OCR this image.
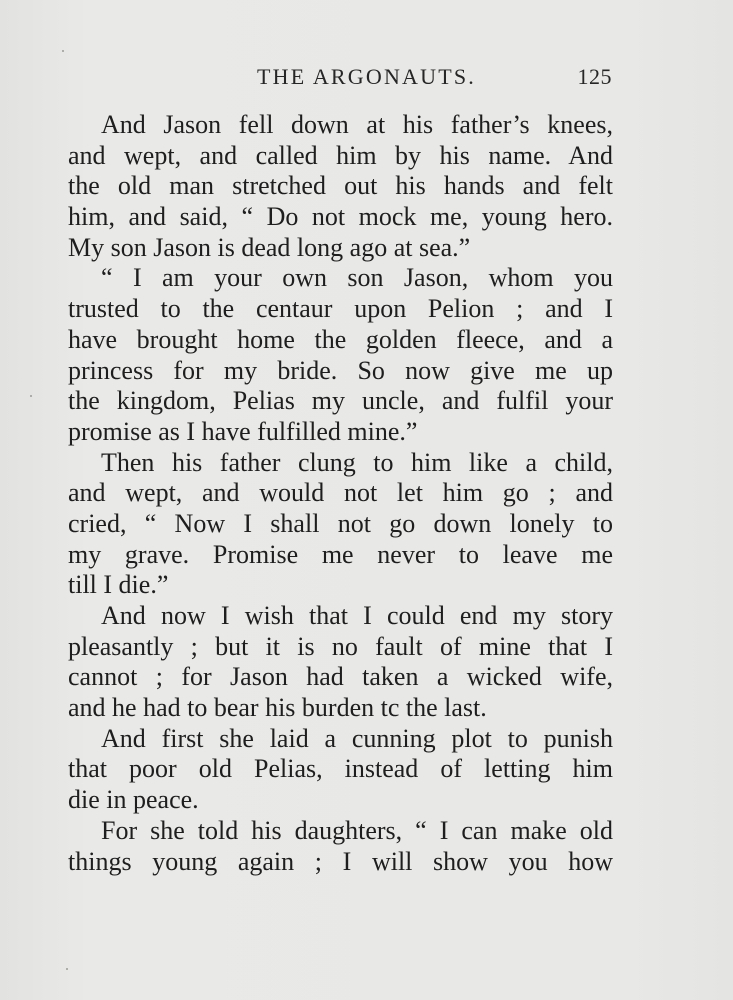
THE ARGONAUTS.	125
And Jason fell down at his father’s knees,
and wept, and called him by his name. And
the old man stretched out his hands and felt
him, and said, “ Do not mock me, young hero.
My son Jason is dead long ago at sea.”
“ I am your own son Jason, whom you
trusted to the centaur upon Pelion ; and I
have brought home the golden fleece, and a
princess for my bride. So now give me up
the kingdom, Pelias my uncle, and fulfil your
promise as I have fulfilled mine.”
Then his father clung to him like a child,
and wept, and would not let him go ; and
cried, “ Now I shall not go down lonely to
my grave. Promise me never to leave me
till I die.”
And now I wish that I could end my story
pleasantly ; but it is no fault of mine that I
cannot ; for Jason had taken a wicked wife,
and he had to bear his burden tc the last.
And first she laid a cunning plot to punish
that poor old Pelias, instead of letting him
die in peace.
For she told his daughters, “ I can make old
things young again ; I will show you how
